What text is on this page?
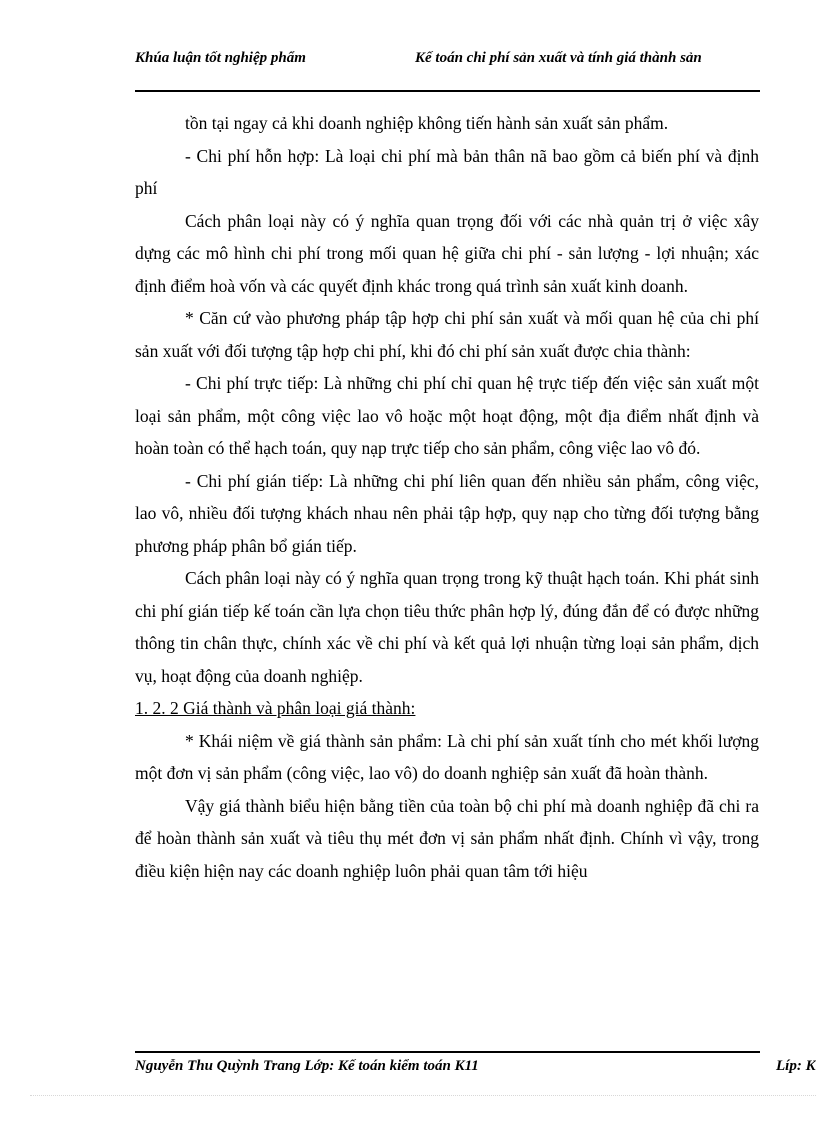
Khúa luận tốt nghiệp phẩm	Kế toán chi phí sản xuất và tính giá thành sản

tồn tại ngay cả khi doanh nghiệp không tiến hành sản xuất sản phẩm.

- Chi phí hỗn hợp: Là loại chi phí mà bản thân nã bao gồm cả biến phí và định phí

Cách phân loại này có ý nghĩa quan trọng đối với các nhà quản trị ở việc xây dựng các mô hình chi phí trong mối quan hệ giữa chi phí - sản lượng - lợi nhuận; xác định điểm hoà vốn và các quyết định khác trong quá trình sản xuất kinh doanh.

* Căn cứ vào phương pháp tập hợp chi phí sản xuất và mối quan hệ của chi phí sản xuất với đối tượng tập hợp chi phí, khi đó chi phí sản xuất được chia thành:

- Chi phí trực tiếp: Là những chi phí chỉ quan hệ trực tiếp đến việc sản xuất một loại sản phẩm, một công việc lao vô hoặc một hoạt động, một địa điểm nhất định và hoàn toàn có thể hạch toán, quy nạp trực tiếp cho sản phẩm, công việc lao vô đó.

- Chi phí gián tiếp: Là những chi phí liên quan đến nhiều sản phẩm, công việc, lao vô, nhiều đối tượng khách nhau nên phải tập hợp, quy nạp cho từng đối tượng bằng phương pháp phân bổ gián tiếp.

Cách phân loại này có ý nghĩa quan trọng trong kỹ thuật hạch toán. Khi phát sinh chi phí gián tiếp kế toán cần lựa chọn tiêu thức phân hợp lý, đúng đắn để có được những thông tin chân thực, chính xác về chi phí và kết quả lợi nhuận từng loại sản phẩm, dịch vụ, hoạt động của doanh nghiệp.

1. 2. 2 Giá thành và phân loại giá thành:

* Khái niệm về giá thành sản phẩm: Là chi phí sản xuất tính cho mét khối lượng một đơn vị sản phẩm (công việc, lao vô) do doanh nghiệp sản xuất đã hoàn thành.

Vậy giá thành biểu hiện bằng tiền của toàn bộ chi phí mà doanh nghiệp đã chi ra để hoàn thành sản xuất và tiêu thụ mét đơn vị sản phẩm nhất định. Chính vì vậy, trong điều kiện hiện nay các doanh nghiệp luôn phải quan tâm tới hiệu

Nguyễn Thu Quỳnh Trang Lớp: Kế toán kiểm toán K11	Líp: K
